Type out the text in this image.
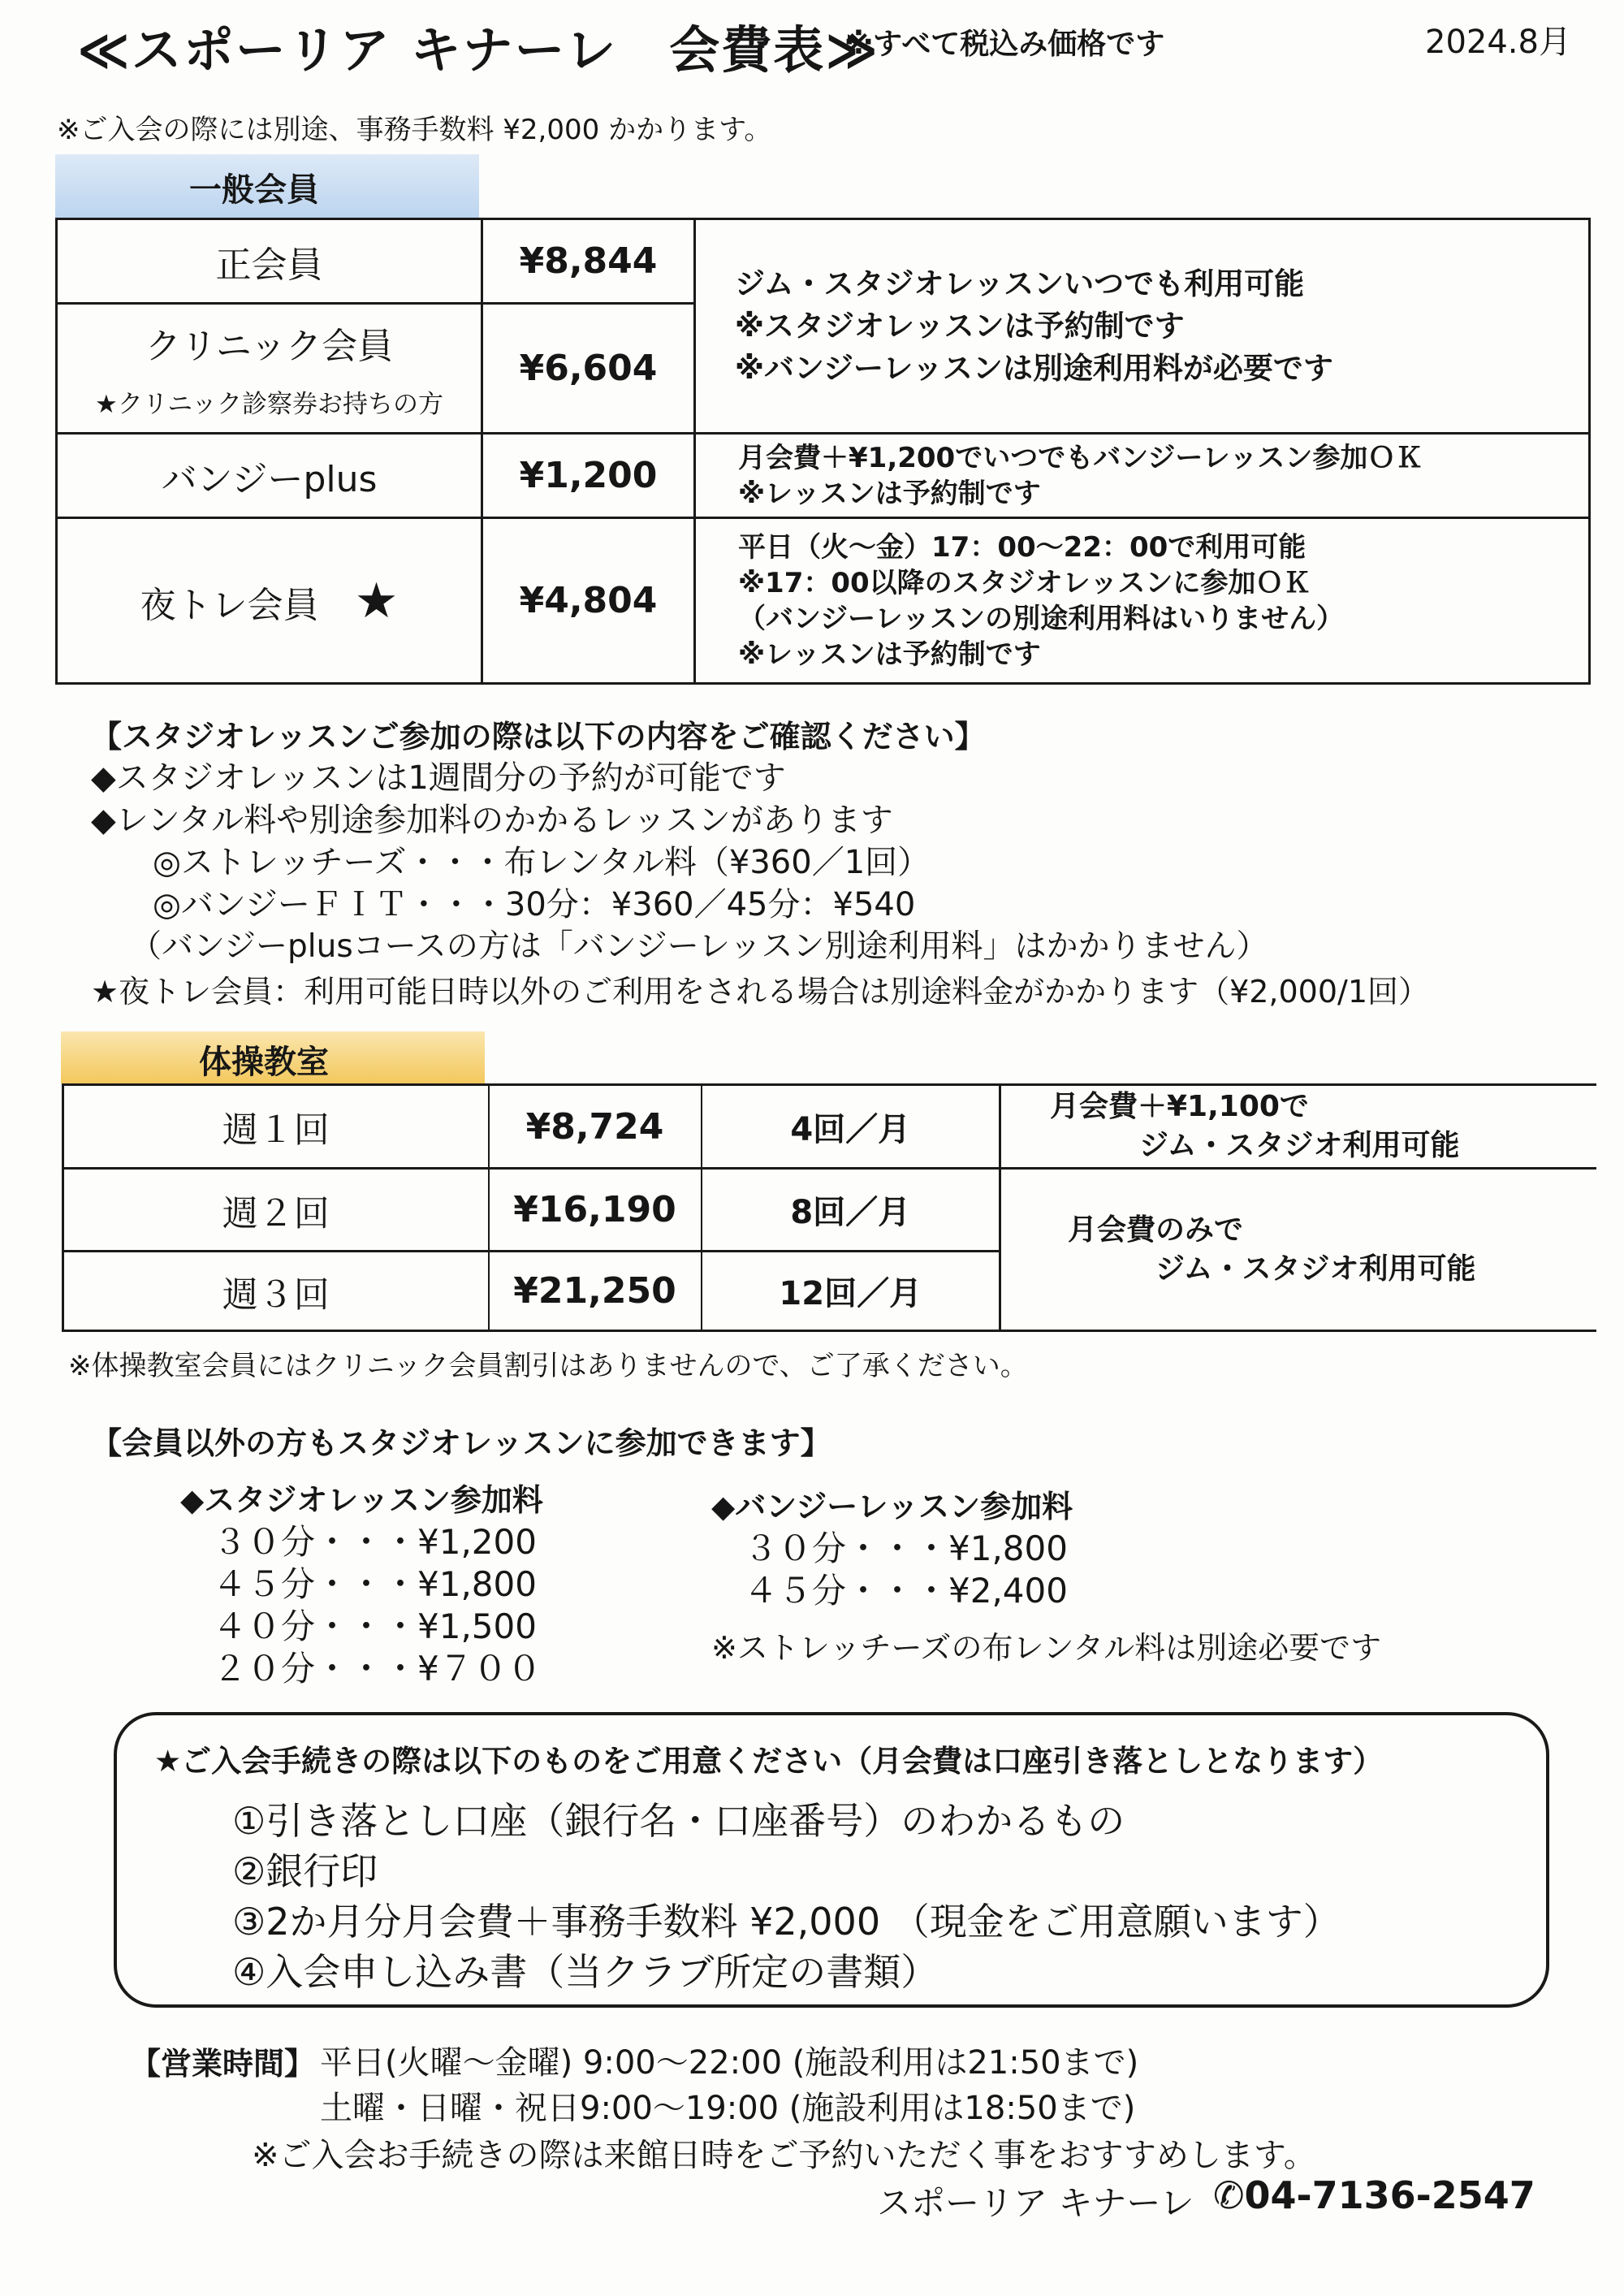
≪スポーリア キナーレ　会費表≫
※すべて税込み価格です	2024.8月
※ご入会の際には別途、事務手数料 ¥2,000 かかります。
一般会員
正会員	¥8,844	ジム・スタジオレッスンいつでも利用可能
※スタジオレッスンは予約制です
※バンジーレッスンは別途利用料が必要です

クリニック会員
★クリニック診察券お持ちの方	¥6,604	
バンジーplus	¥1,200	月会費＋¥1,200でいつでもバンジーレッスン参加ＯＫ
※レッスンは予約制です

夜トレ会員 ★	¥4,804	平日（火〜金）17：00〜22：00で利用可能
※17：00以降のスタジオレッスンに参加ＯＫ
（バンジーレッスンの別途利用料はいりません）
※レッスンは予約制です
【スタジオレッスンご参加の際は以下の内容をご確認ください】
◆スタジオレッスンは1週間分の予約が可能です
◆レンタル料や別途参加料のかかるレッスンがあります
◎ストレッチーズ・・・布レンタル料（¥360／1回）
◎バンジーＦＩＴ・・・30分：¥360／45分：¥540
（バンジーplusコースの方は「バンジーレッスン別途利用料」はかかりません）
★夜トレ会員：利用可能日時以外のご利用をされる場合は別途料金がかかります（¥2,000/1回）
体操教室
週１回	¥8,724	4回／月	月会費＋¥1,100で
ジム・スタジオ利用可能

週２回	¥16,190	8回／月	月会費のみで
ジム・スタジオ利用可能

週３回	¥21,250	12回／月	
※体操教室会員にはクリニック会員割引はありませんので、ご了承ください。
【会員以外の方もスタジオレッスンに参加できます】
◆スタジオレッスン参加料
３０分・・・¥1,200
４５分・・・¥1,800
４０分・・・¥1,500
２０分・・・¥７００
◆バンジーレッスン参加料
３０分・・・¥1,800
４５分・・・¥2,400
※ストレッチーズの布レンタル料は別途必要です
★ご入会手続きの際は以下のものをご用意ください（月会費は口座引き落としとなります）
①引き落とし口座（銀行名・口座番号）のわかるもの
②銀行印
③2か月分月会費＋事務手数料 ¥2,000 （現金をご用意願います）
④入会申し込み書（当クラブ所定の書類）
【営業時間】 平日(火曜〜金曜) 9:00〜22:00 (施設利用は21:50まで)
土曜・日曜・祝日9:00〜19:00 (施設利用は18:50まで)
※ご入会お手続きの際は来館日時をご予約いただく事をおすすめします。
スポーリア キナーレ ✆04-7136-2547
